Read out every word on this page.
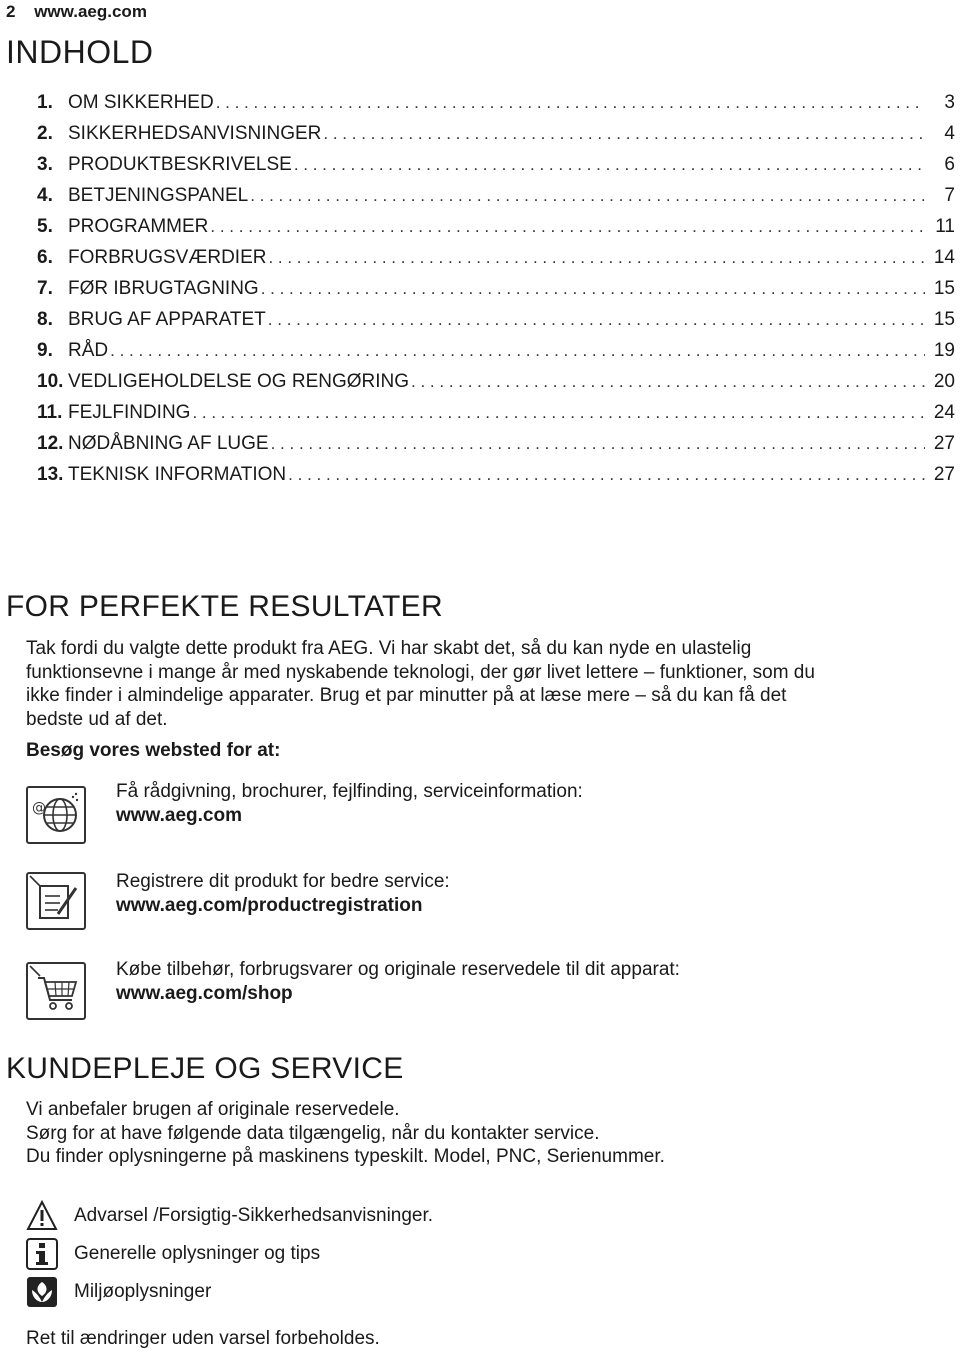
2 www.aeg.com
INDHOLD
1. OM SIKKERHED . . .	3
2. SIKKERHEDSANVISNINGER . . .	4
3. PRODUKTBESKRIVELSE . . .	6
4. BETJENINGSPANEL . . .	7
5. PROGRAMMER . . .	11
6. FORBRUGSVÆRDIER . . .	14
7. FØR IBRUGTAGNING . . .	15
8. BRUG AF APPARATET . . .	15
9. RÅD . . .	19
10. VEDLIGEHOLDELSE OG RENGØRING . . .	20
11. FEJLFINDING . . .	24
12. NØDÅBNING AF LUGE . . .	27
13. TEKNISK INFORMATION . . .	27
FOR PERFEKTE RESULTATER
Tak fordi du valgte dette produkt fra AEG. Vi har skabt det, så du kan nyde en ulastelig
funktionsevne i mange år med nyskabende teknologi, der gør livet lettere – funktioner, som du
ikke finder i almindelige apparater. Brug et par minutter på at læse mere – så du kan få det
bedste ud af det.
Besøg vores websted for at:
@
Få rådgivning, brochurer, fejlfinding, serviceinformation:
www.aeg.com
Registrere dit produkt for bedre service:
www.aeg.com/productregistration
Købe tilbehør, forbrugsvarer og originale reservedele til dit apparat:
www.aeg.com/shop
KUNDEPLEJE OG SERVICE
Vi anbefaler brugen af originale reservedele.
Sørg for at have følgende data tilgængelig, når du kontakter service.
Du finder oplysningerne på maskinens typeskilt. Model, PNC, Serienummer.
Advarsel /Forsigtig-Sikkerhedsanvisninger.
Generelle oplysninger og tips
Miljøoplysninger
Ret til ændringer uden varsel forbeholdes.
